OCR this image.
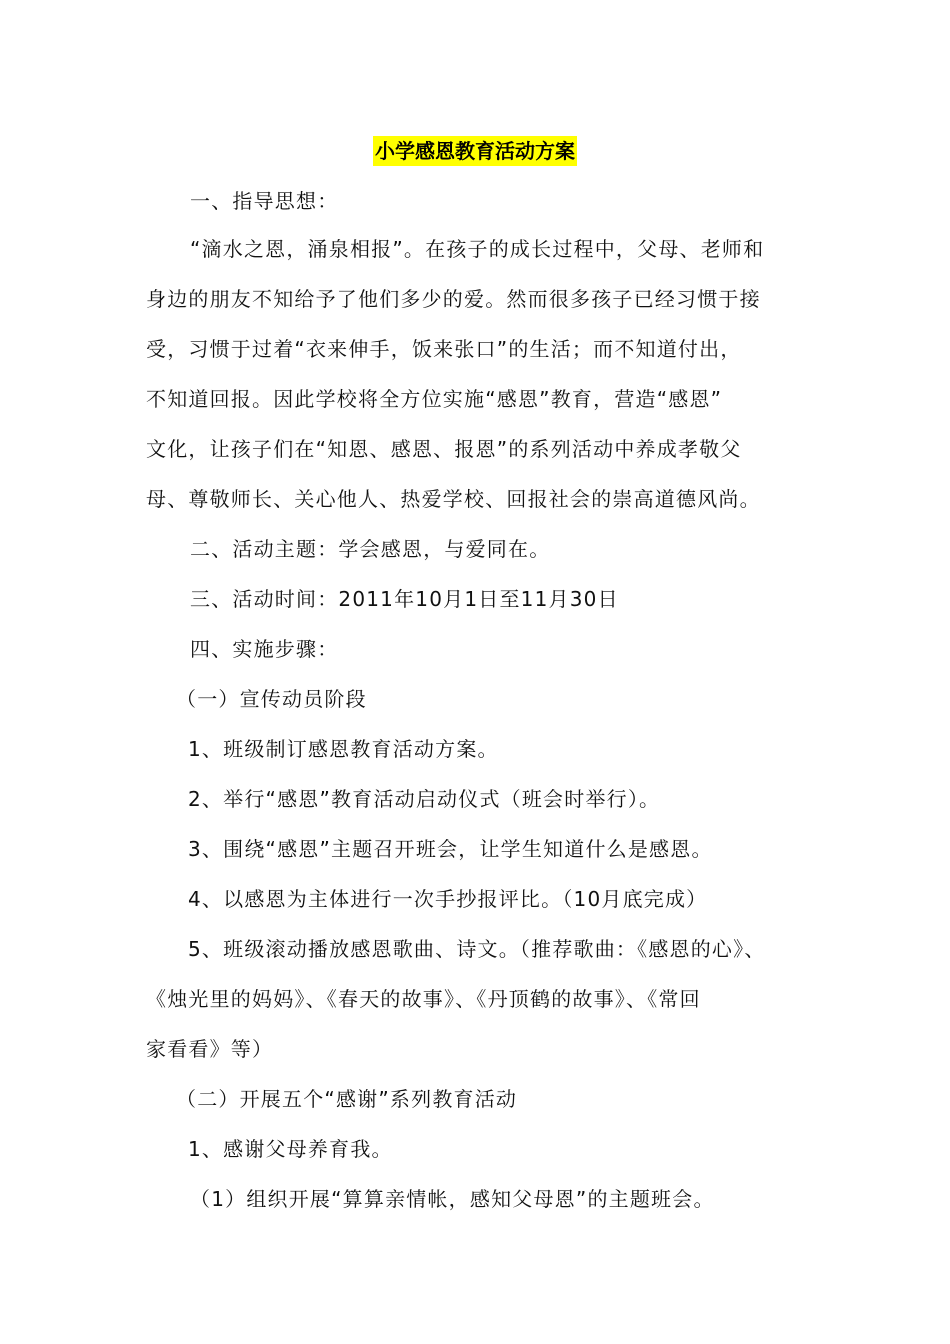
小学感恩教育活动方案
一、指导思想：
“滴水之恩，涌泉相报”。在孩子的成长过程中，父母、老师和
身边的朋友不知给予了他们多少的爱。然而很多孩子已经习惯于接
受，习惯于过着“衣来伸手，饭来张口”的生活；而不知道付出，
不知道回报。因此学校将全方位实施“感恩”教育，营造“感恩”
文化，让孩子们在“知恩、感恩、报恩”的系列活动中养成孝敬父
母、尊敬师长、关心他人、热爱学校、回报社会的崇高道德风尚。
二、活动主题：学会感恩，与爱同在。
三、活动时间：2011年10月1日至11月30日
四、实施步骤：
（一）宣传动员阶段
1、班级制订感恩教育活动方案。
2、举行“感恩”教育活动启动仪式（班会时举行）。
3、围绕“感恩”主题召开班会，让学生知道什么是感恩。
4、以感恩为主体进行一次手抄报评比。（10月底完成）
5、班级滚动播放感恩歌曲、诗文。（推荐歌曲：《感恩的心》、
《烛光里的妈妈》、《春天的故事》、《丹顶鹤的故事》、《常回
家看看》等）
（二）开展五个“感谢”系列教育活动
1、感谢父母养育我。
（1）组织开展“算算亲情帐，感知父母恩”的主题班会。
